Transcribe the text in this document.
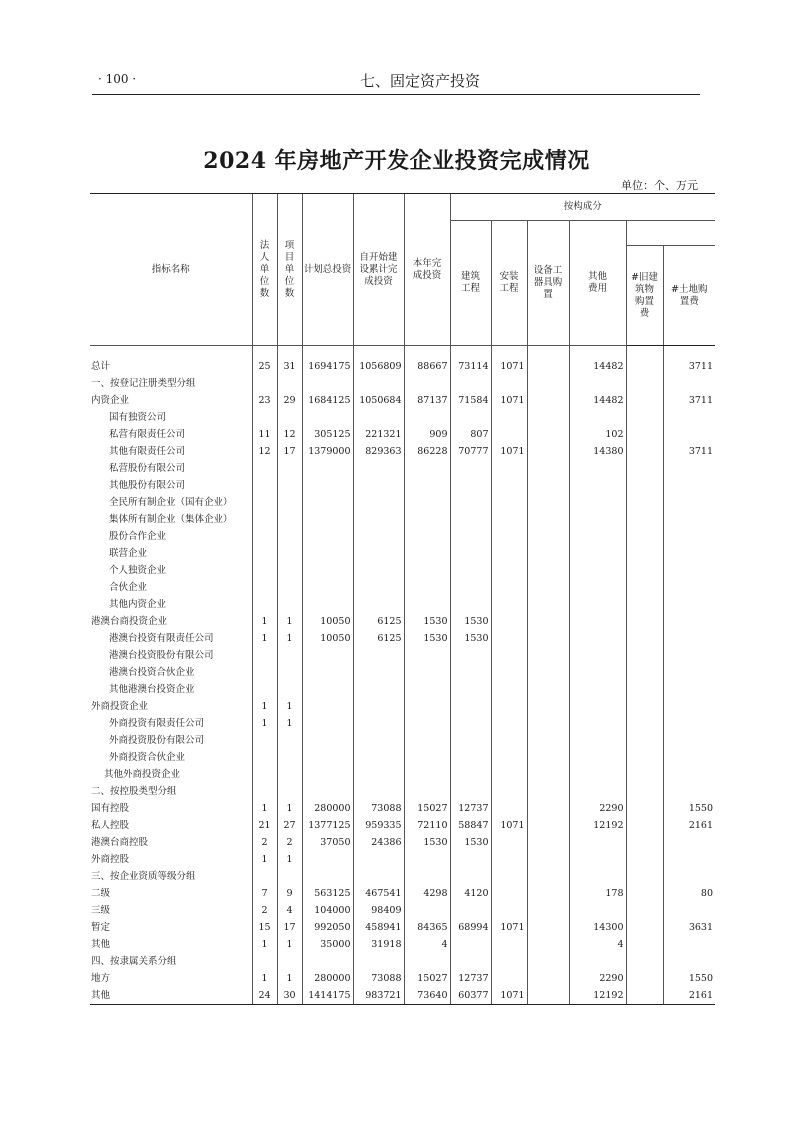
· 100 ·	七、固定资产投资
2024 年房地产开发企业投资完成情况
单位：个、万元
指标名称	法人单位数	项目单位数	计划总投资	自开始建设累计完成投资	本年完成投资	按构成分					
						建筑工程	安装工程	设备工器具购置	其他费用		
										#旧建筑物购置费	#土地购置费

总计	25	31	1694175	1056809	88667	73114	1071		14482		3711
一、按登记注册类型分组											
内资企业	23	29	1684125	1050684	87137	71584	1071		14482		3711
国有独资公司											
私营有限责任公司	11	12	305125	221321	909	807			102		
其他有限责任公司	12	17	1379000	829363	86228	70777	1071		14380		3711
私营股份有限公司											
其他股份有限公司											
全民所有制企业（国有企业）											
集体所有制企业（集体企业）											
股份合作企业											
联营企业											
个人独资企业											
合伙企业											
其他内资企业											
港澳台商投资企业	1	1	10050	6125	1530	1530					
港澳台投资有限责任公司	1	1	10050	6125	1530	1530					
港澳台投资股份有限公司											
港澳台投资合伙企业											
其他港澳台投资企业											
外商投资企业	1	1									
外商投资有限责任公司	1	1									
外商投资股份有限公司											
外商投资合伙企业											
其他外商投资企业											
二、按控股类型分组											
国有控股	1	1	280000	73088	15027	12737			2290		1550
私人控股	21	27	1377125	959335	72110	58847	1071		12192		2161
港澳台商控股	2	2	37050	24386	1530	1530					
外商控股	1	1									
三、按企业资质等级分组											
二级	7	9	563125	467541	4298	4120			178		80
三级	2	4	104000	98409							
暂定	15	17	992050	458941	84365	68994	1071		14300		3631
其他	1	1	35000	31918	4				4		
四、按隶属关系分组											
地方	1	1	280000	73088	15027	12737			2290		1550
其他	24	30	1414175	983721	73640	60377	1071		12192		2161
